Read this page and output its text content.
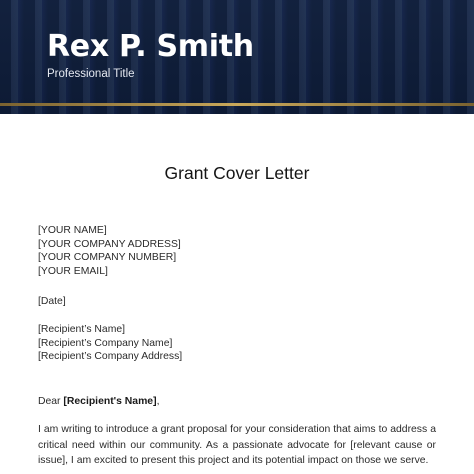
Rex P. Smith

Professional Title

Grant Cover Letter
[YOUR NAME]
[YOUR COMPANY ADDRESS]
[YOUR COMPANY NUMBER]
[YOUR EMAIL]
[Date]
[Recipient’s Name]
[Recipient’s Company Name]
[Recipient’s Company Address]
Dear [Recipient's Name],

I am writing to introduce a grant proposal for your consideration that aims to address a critical need within our community. As a passionate advocate for [relevant cause or issue], I am excited to present this project and its potential impact on those we serve.
